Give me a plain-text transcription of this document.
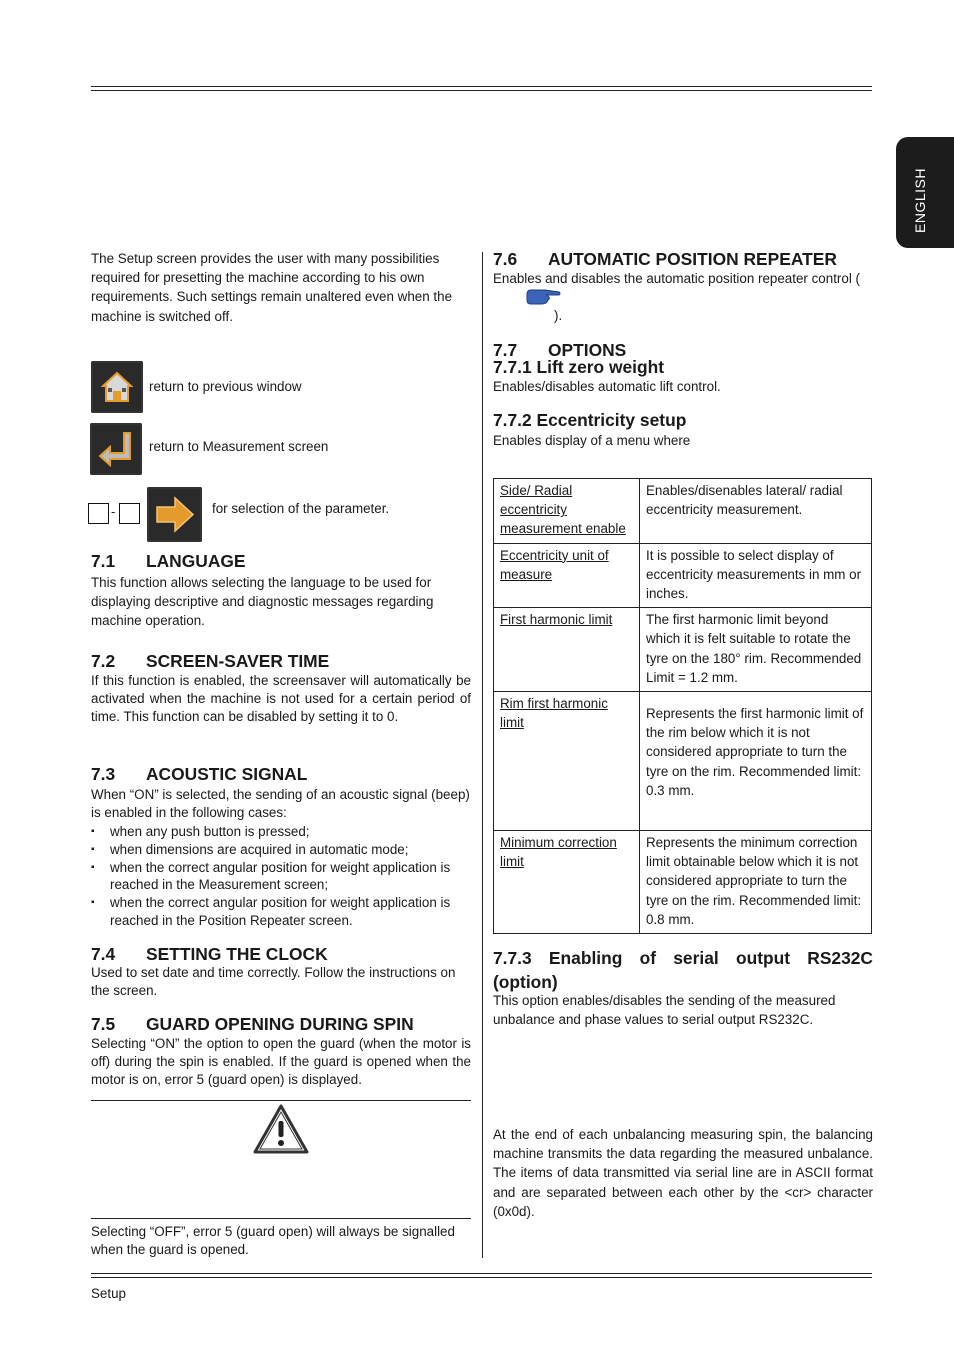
Setup
ENGLISH
The Setup screen provides the user with many possibilities required for presetting the machine according to his own requirements. Such settings remain unaltered even when the machine is switched off.
return to previous window
return to Measurement screen
-	for selection of the parameter.
7.1 LANGUAGE
This function allows selecting the language to be used for displaying descriptive and diagnostic messages regarding machine operation.
7.2 SCREEN-SAVER TIME
If this function is enabled, the screensaver will automatically be activated when the machine is not used for a certain period of time. This function can be disabled by setting it to 0.
7.3 ACOUSTIC SIGNAL
When “ON” is selected, the sending of an acoustic signal (beep) is enabled in the following cases:
▪ when any push button is pressed;
▪ when dimensions are acquired in automatic mode;
▪ when the correct angular position for weight application is reached in the Measurement screen;
▪ when the correct angular position for weight application is reached in the Position Repeater screen.
7.4 SETTING THE CLOCK
Used to set date and time correctly. Follow the instructions on the screen.
7.5 GUARD OPENING DURING SPIN
Selecting “ON” the option to open the guard (when the motor is off) during the spin is enabled. If the guard is opened when the motor is on, error 5 (guard open) is displayed.
Selecting “OFF”, error 5 (guard open) will always be signalled when the guard is opened.
7.6 AUTOMATIC POSITION REPEATER
Enables and disables the automatic position repeater control (
).
7.7 OPTIONS
7.7.1 Lift zero weight
Enables/disables automatic lift control.
7.7.2 Eccentricity setup
Enables display of a menu where
Side/ Radial eccentricity measurement enable	Enables/disenables lateral/ radial eccentricity measurement.
Eccentricity unit of measure	It is possible to select display of eccentricity measurements in mm or inches.
First harmonic limit	The first harmonic limit beyond which it is felt suitable to rotate the tyre on the 180° rim. Recommended Limit = 1.2 mm.
Rim first harmonic limit	Represents the first harmonic limit of the rim below which it is not considered appropriate to turn the tyre on the rim. Recommended limit: 0.3 mm.
Minimum correction limit	Represents the minimum correction limit obtainable below which it is not considered appropriate to turn the tyre on the rim. Recommended limit: 0.8 mm.
7.7.3 Enabling of serial output RS232C (option)
This option enables/disables the sending of the measured unbalance and phase values to serial output RS232C.
At the end of each unbalancing measuring spin, the balancing machine transmits the data regarding the measured unbalance. The items of data transmitted via serial line are in ASCII format and are separated between each other by the <cr> character (0x0d).
